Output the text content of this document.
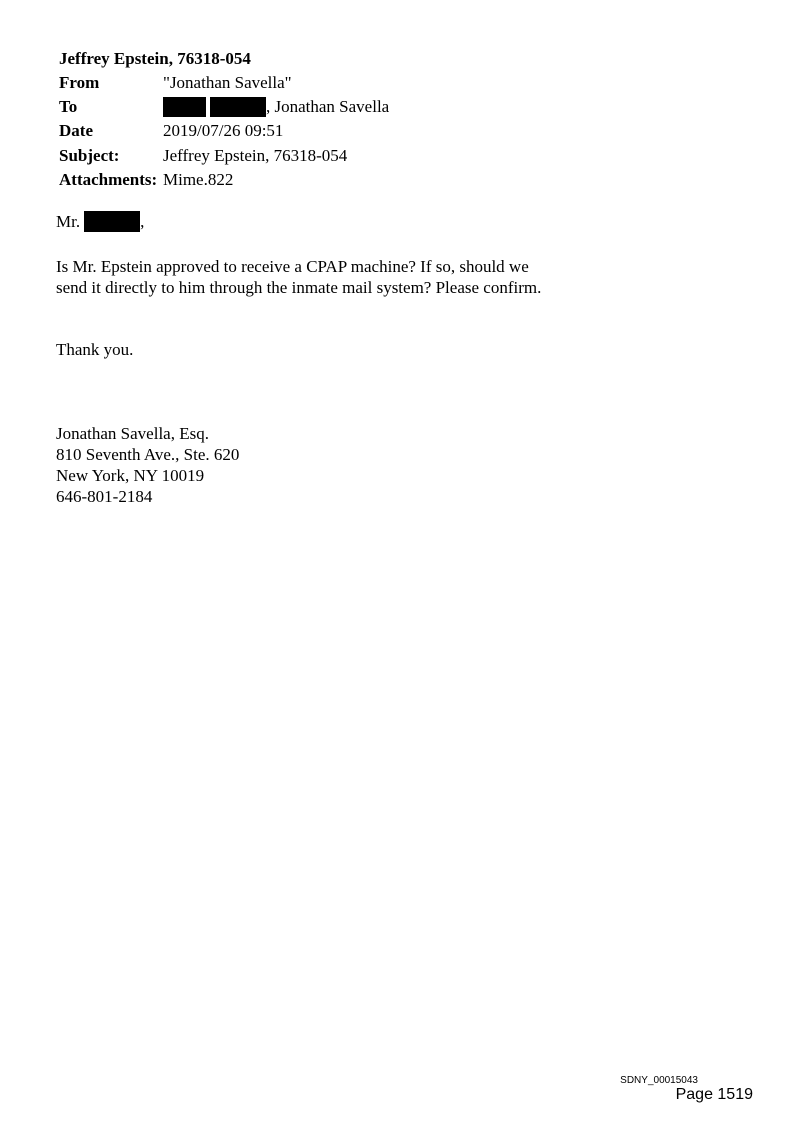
Jeffrey Epstein, 76318-054
From	"Jonathan Savella"
To	, Jonathan Savella
Date	2019/07/26 09:51
Subject:	Jeffrey Epstein, 76318-054
Attachments: Mime.822
Mr.	,
Is Mr. Epstein approved to receive a CPAP machine? If so, should we
send it directly to him through the inmate mail system? Please confirm.
Thank you.
Jonathan Savella, Esq.
810 Seventh Ave., Ste. 620
New York, NY 10019
646-801-2184
SDNY_00015043
Page 1519
